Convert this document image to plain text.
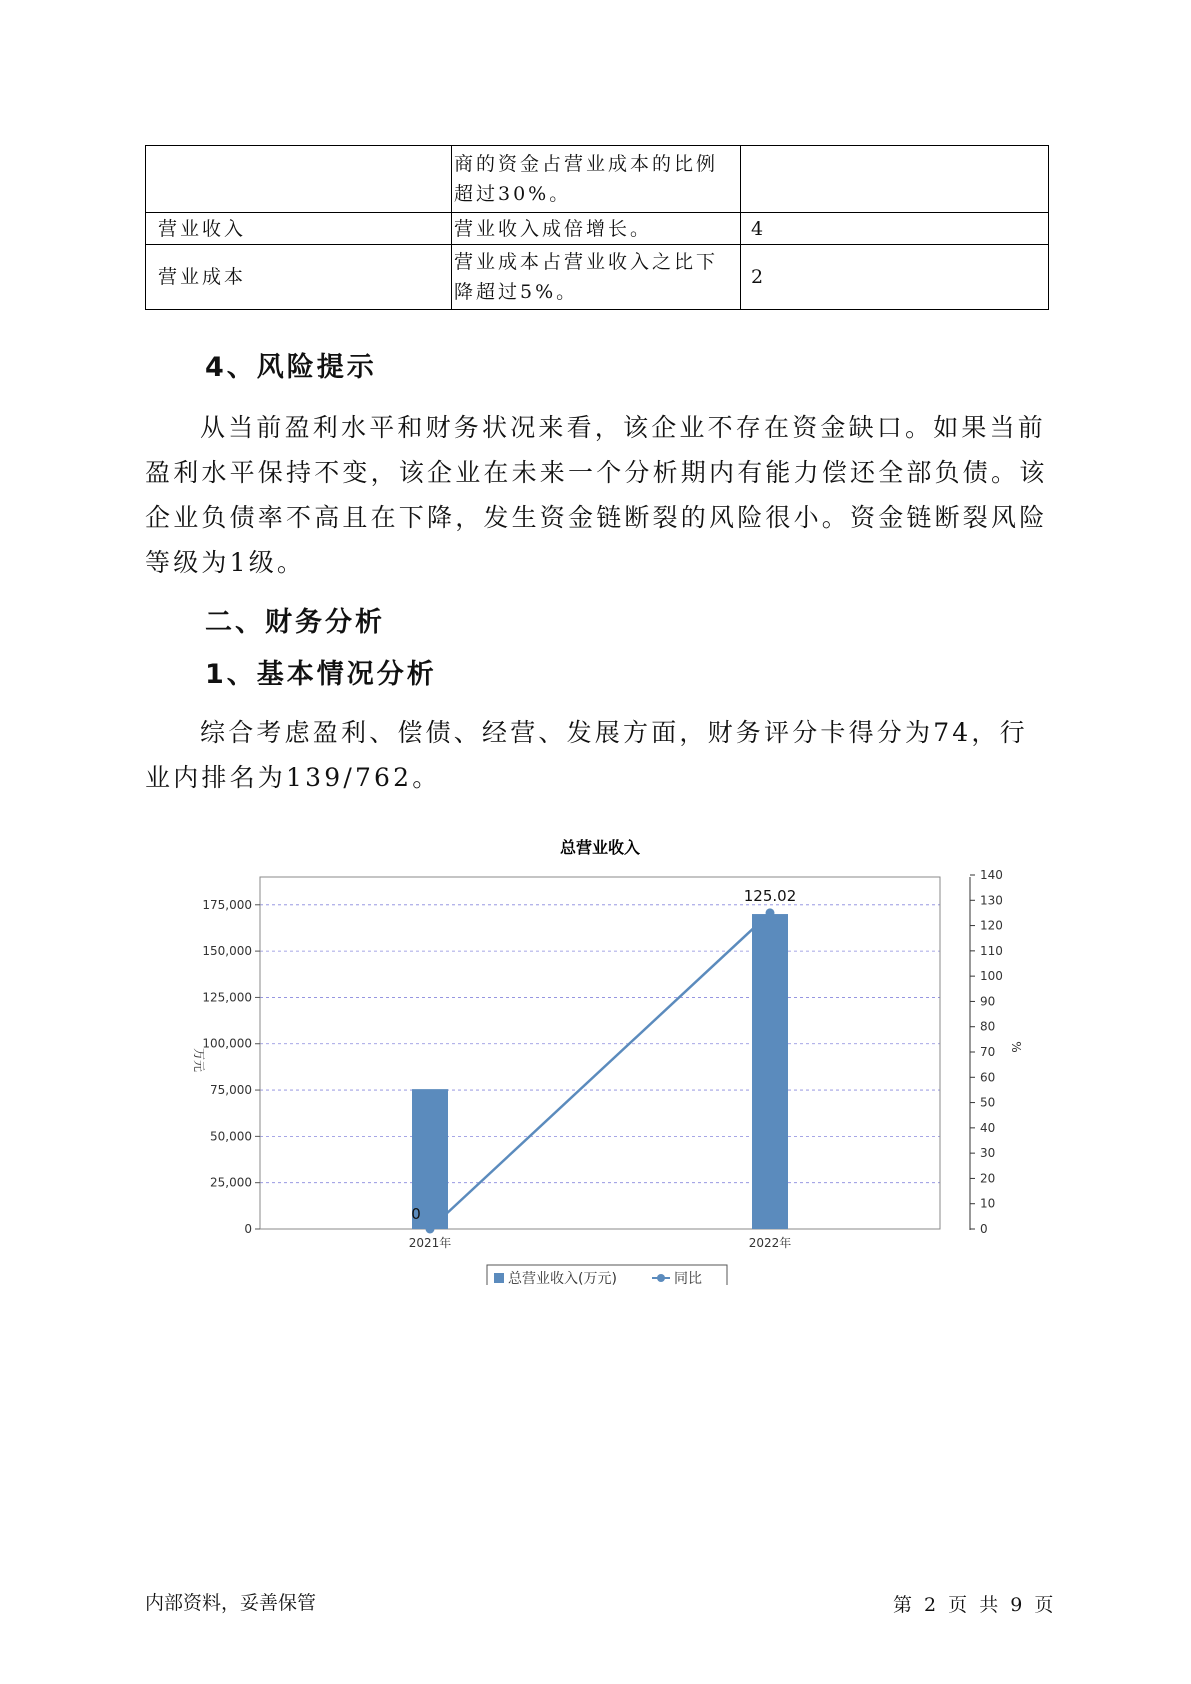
	商的资金占营业成本的比例超过30%。	
营业收入	营业收入成倍增长。	4
营业成本	营业成本占营业收入之比下降超过5%。	2
4、风险提示

从当前盈利水平和财务状况来看，该企业不存在资金缺口。如果当前盈利水平保持不变，该企业在未来一个分析期内有能力偿还全部负债。该企业负债率不高且在下降，发生资金链断裂的风险很小。资金链断裂风险等级为1级。

二、财务分析
1、基本情况分析

综合考虑盈利、偿债、经营、发展方面，财务评分卡得分为74，行业内排名为139/762。

总营业收入
0
25,000
50,000
75,000
100,000
125,000
150,000
175,000
0
10
20
30
40
50
60
70
80
90
100
110
120
130
140
万元
%
0
125.02
2021年	2022年
总营业收入(万元)	同比
内部资料，妥善保管	第 2 页 共 9 页
